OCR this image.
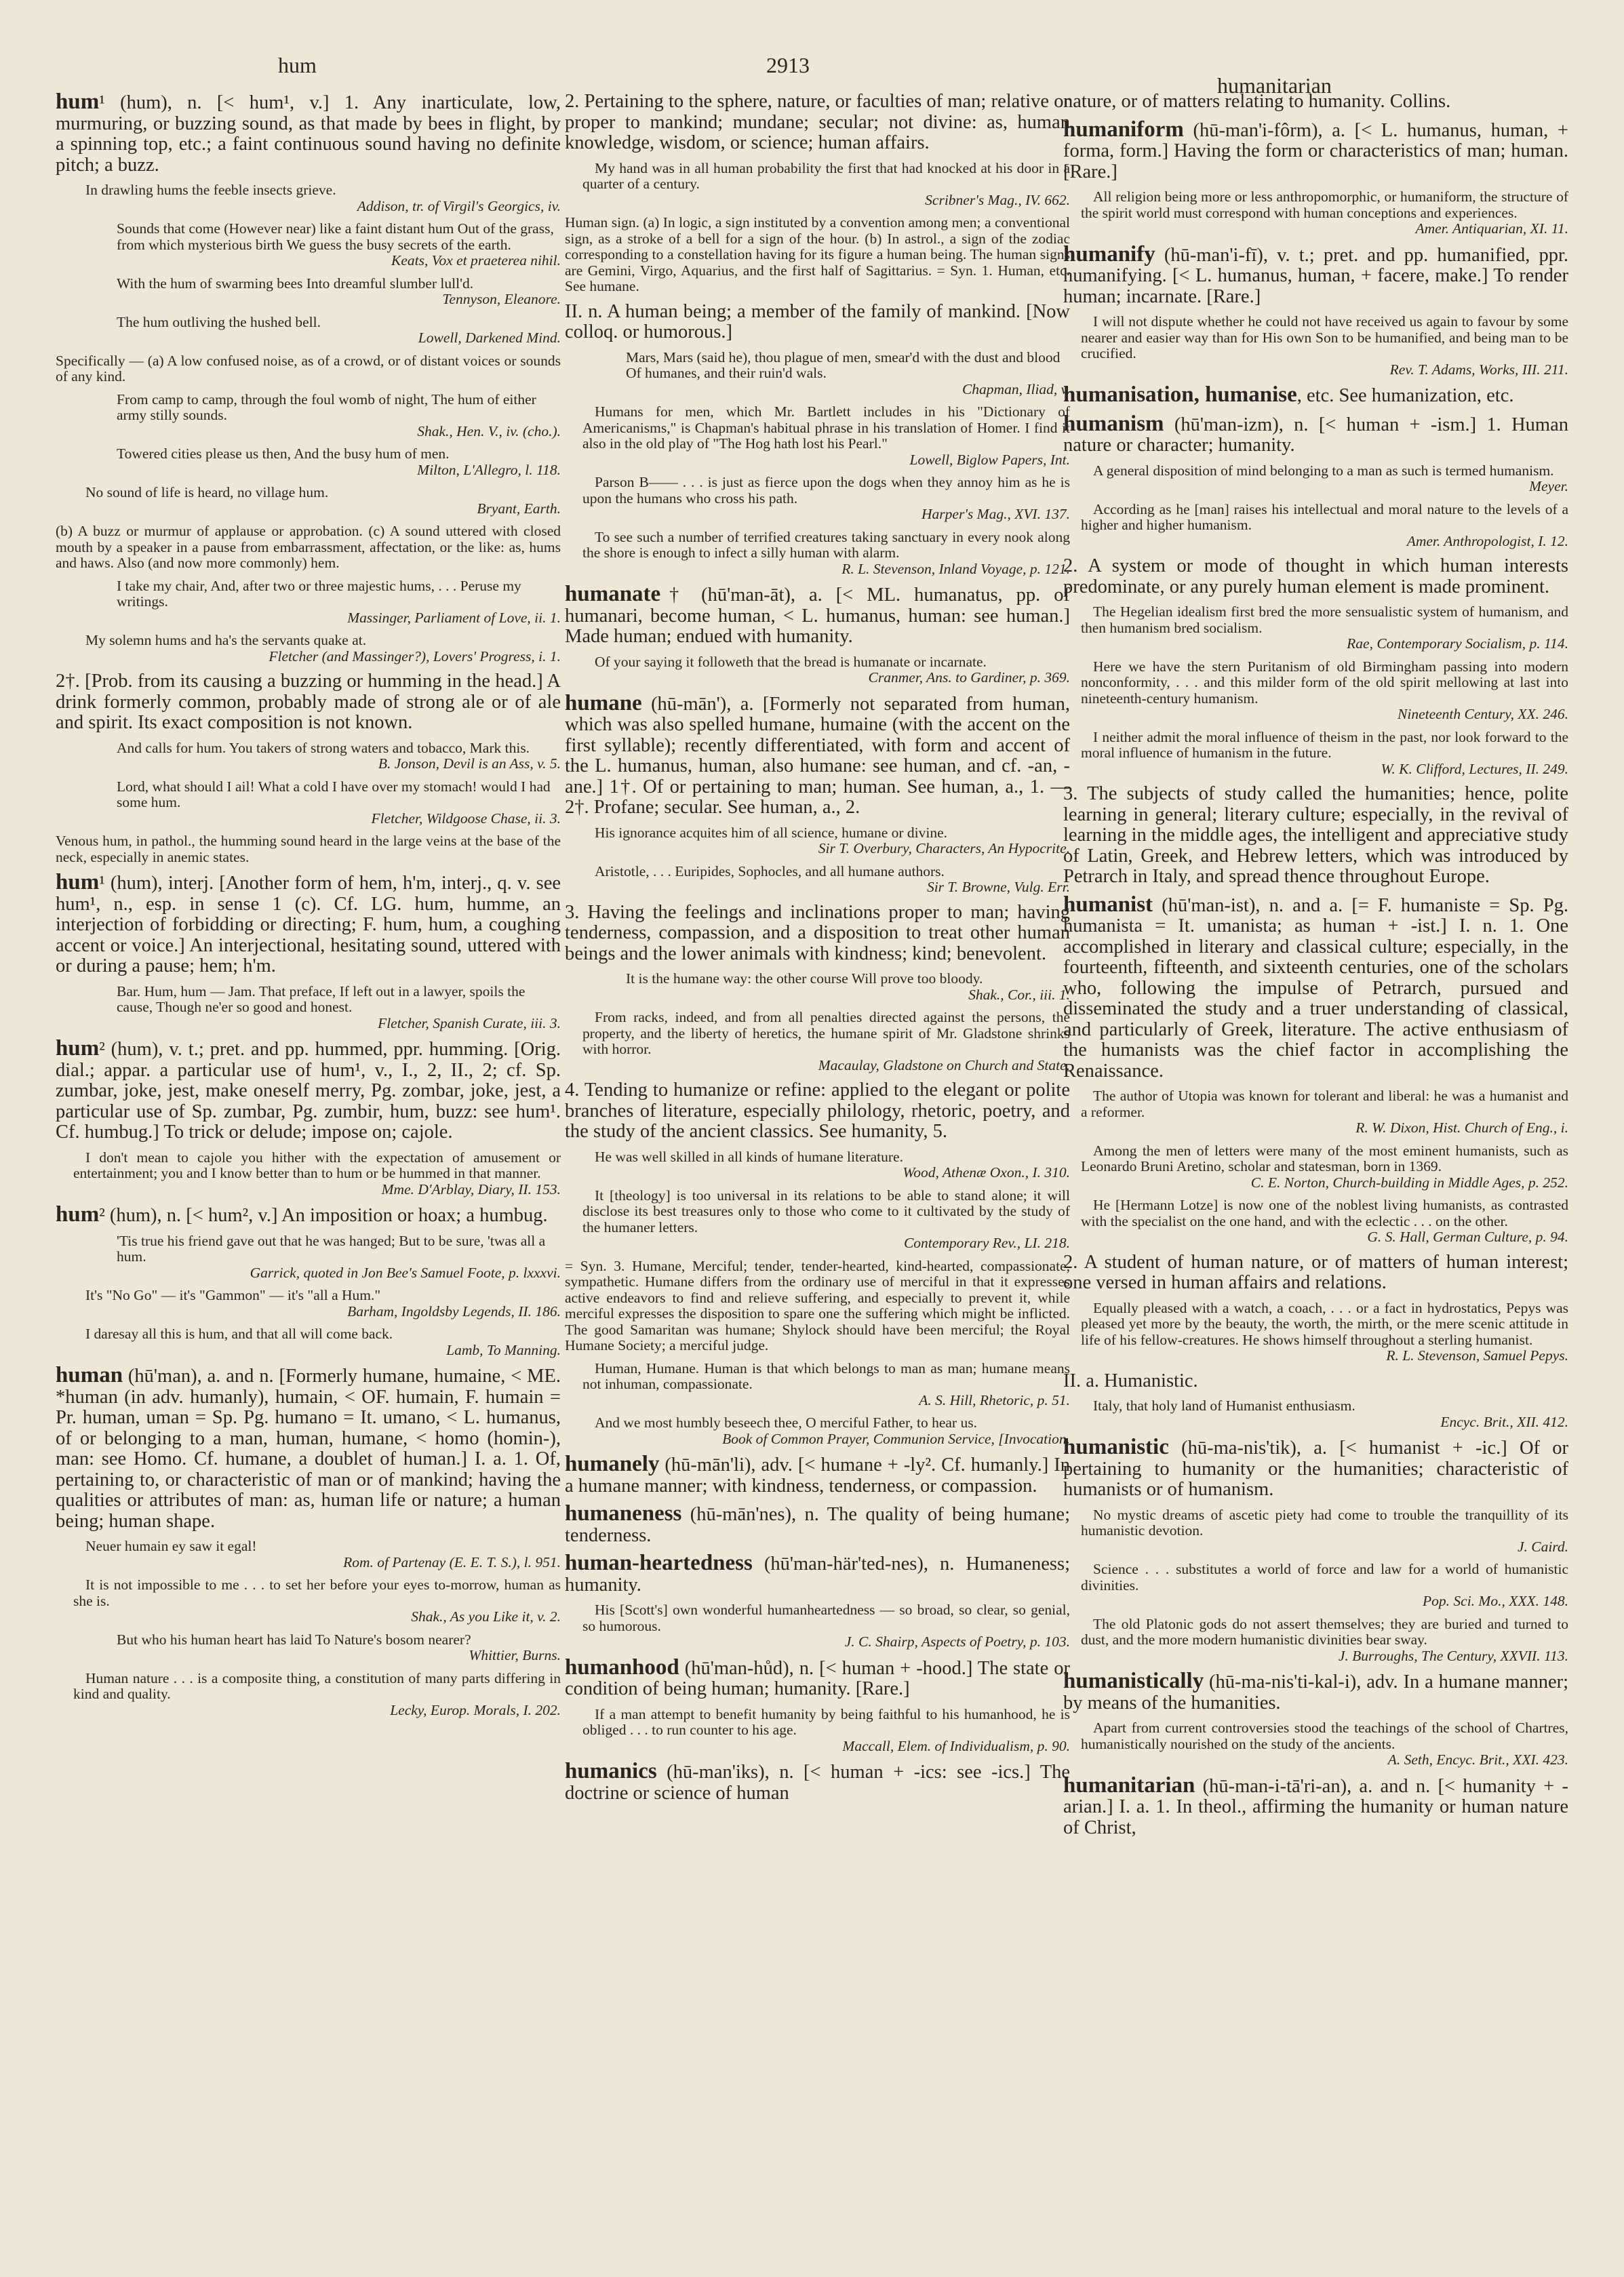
hum	2913
humanitarian

hum¹ (hum), n. [< hum¹, v.] 1. Any inarticulate, low, murmuring, or buzzing sound, as that made by bees in flight, by a spinning top, etc.; a faint continuous sound having no definite pitch; a buzz.

In drawling hums the feeble insects grieve.
Addison, tr. of Virgil's Georgics, iv.

Sounds that come (However near) like a faint distant hum Out of the grass, from which mysterious birth We guess the busy secrets of the earth.
Keats, Vox et praeterea nihil.

With the hum of swarming bees Into dreamful slumber lull'd.
Tennyson, Eleanore.

The hum outliving the hushed bell.
Lowell, Darkened Mind.

Specifically — (a) A low confused noise, as of a crowd, or of distant voices or sounds of any kind.

From camp to camp, through the foul womb of night, The hum of either army stilly sounds.
Shak., Hen. V., iv. (cho.).

Towered cities please us then, And the busy hum of men.
Milton, L'Allegro, l. 118.

No sound of life is heard, no village hum.
Bryant, Earth.

(b) A buzz or murmur of applause or approbation. (c) A sound uttered with closed mouth by a speaker in a pause from embarrassment, affectation, or the like: as, hums and haws. Also (and now more commonly) hem.

I take my chair, And, after two or three majestic hums, . . . Peruse my writings.
Massinger, Parliament of Love, ii. 1.

My solemn hums and ha's the servants quake at.
Fletcher (and Massinger?), Lovers' Progress, i. 1.

2†. [Prob. from its causing a buzzing or humming in the head.] A drink formerly common, probably made of strong ale or of ale and spirit. Its exact composition is not known.

And calls for hum. You takers of strong waters and tobacco, Mark this.
B. Jonson, Devil is an Ass, v. 5.

Lord, what should I ail! What a cold I have over my stomach! would I had some hum.
Fletcher, Wildgoose Chase, ii. 3.

Venous hum, in pathol., the humming sound heard in the large veins at the base of the neck, especially in anemic states.

hum¹ (hum), interj. [Another form of hem, h'm, interj., q. v. see hum¹, n., esp. in sense 1 (c). Cf. LG. hum, humme, an interjection of forbidding or directing; F. hum, hum, a coughing accent or voice.] An interjectional, hesitating sound, uttered with or during a pause; hem; h'm.

Bar. Hum, hum — Jam. That preface, If left out in a lawyer, spoils the cause, Though ne'er so good and honest.
Fletcher, Spanish Curate, iii. 3.

hum² (hum), v. t.; pret. and pp. hummed, ppr. humming. [Orig. dial.; appar. a particular use of hum¹, v., I., 2, II., 2; cf. Sp. zumbar, joke, jest, make oneself merry, Pg. zombar, joke, jest, a particular use of Sp. zumbar, Pg. zumbir, hum, buzz: see hum¹. Cf. humbug.] To trick or delude; impose on; cajole.

I don't mean to cajole you hither with the expectation of amusement or entertainment; you and I know better than to hum or be hummed in that manner.
Mme. D'Arblay, Diary, II. 153.

hum² (hum), n. [< hum², v.] An imposition or hoax; a humbug.

'Tis true his friend gave out that he was hanged; But to be sure, 'twas all a hum.
Garrick, quoted in Jon Bee's Samuel Foote, p. lxxxvi.

It's "No Go" — it's "Gammon" — it's "all a Hum."
Barham, Ingoldsby Legends, II. 186.

I daresay all this is hum, and that all will come back.
Lamb, To Manning.

human (hū'man), a. and n. [Formerly humane, humaine, < ME. *human (in adv. humanly), humain, < OF. humain, F. humain = Pr. human, uman = Sp. Pg. humano = It. umano, < L. humanus, of or belonging to a man, human, humane, < homo (homin-), man: see Homo. Cf. humane, a doublet of human.] I. a. 1. Of, pertaining to, or characteristic of man or of mankind; having the qualities or attributes of man: as, human life or nature; a human being; human shape.

Neuer humain ey saw it egal!
Rom. of Partenay (E. E. T. S.), l. 951.

It is not impossible to me . . . to set her before your eyes to-morrow, human as she is.
Shak., As you Like it, v. 2.

But who his human heart has laid To Nature's bosom nearer?
Whittier, Burns.

Human nature . . . is a composite thing, a constitution of many parts differing in kind and quality.
Lecky, Europ. Morals, I. 202.

2. Pertaining to the sphere, nature, or faculties of man; relative or proper to mankind; mundane; secular; not divine: as, human knowledge, wisdom, or science; human affairs.

My hand was in all human probability the first that had knocked at his door in a quarter of a century.
Scribner's Mag., IV. 662.

Human sign. (a) In logic, a sign instituted by a convention among men; a conventional sign, as a stroke of a bell for a sign of the hour. (b) In astrol., a sign of the zodiac corresponding to a constellation having for its figure a human being. The human signs are Gemini, Virgo, Aquarius, and the first half of Sagittarius. = Syn. 1. Human, etc. See humane.

II. n. A human being; a member of the family of mankind. [Now colloq. or humorous.]

Mars, Mars (said he), thou plague of men, smear'd with the dust and blood Of humanes, and their ruin'd wals.
Chapman, Iliad, v.

Humans for men, which Mr. Bartlett includes in his "Dictionary of Americanisms," is Chapman's habitual phrase in his translation of Homer. I find it also in the old play of "The Hog hath lost his Pearl."
Lowell, Biglow Papers, Int.

Parson B—— . . . is just as fierce upon the dogs when they annoy him as he is upon the humans who cross his path.
Harper's Mag., XVI. 137.

To see such a number of terrified creatures taking sanctuary in every nook along the shore is enough to infect a silly human with alarm.
R. L. Stevenson, Inland Voyage, p. 121.

humanate† (hū'man-āt), a. [< ML. humanatus, pp. of humanari, become human, < L. humanus, human: see human.] Made human; endued with humanity.

Of your saying it followeth that the bread is humanate or incarnate.
Cranmer, Ans. to Gardiner, p. 369.

humane (hū-mān'), a. [Formerly not separated from human, which was also spelled humane, humaine (with the accent on the first syllable); recently differentiated, with form and accent of the L. humanus, human, also humane: see human, and cf. -an, -ane.] 1†. Of or pertaining to man; human. See human, a., 1. — 2†. Profane; secular. See human, a., 2.

His ignorance acquites him of all science, humane or divine.
Sir T. Overbury, Characters, An Hypocrite.

Aristotle, . . . Euripides, Sophocles, and all humane authors.
Sir T. Browne, Vulg. Err.

3. Having the feelings and inclinations proper to man; having tenderness, compassion, and a disposition to treat other human beings and the lower animals with kindness; kind; benevolent.

It is the humane way: the other course Will prove too bloody.
Shak., Cor., iii. 1.

From racks, indeed, and from all penalties directed against the persons, the property, and the liberty of heretics, the humane spirit of Mr. Gladstone shrinks with horror.
Macaulay, Gladstone on Church and State.

4. Tending to humanize or refine: applied to the elegant or polite branches of literature, especially philology, rhetoric, poetry, and the study of the ancient classics. See humanity, 5.

He was well skilled in all kinds of humane literature.
Wood, Athenæ Oxon., I. 310.

It [theology] is too universal in its relations to be able to stand alone; it will disclose its best treasures only to those who come to it cultivated by the study of the humaner letters.
Contemporary Rev., LI. 218.

= Syn. 3. Humane, Merciful; tender, tender-hearted, kind-hearted, compassionate, sympathetic. Humane differs from the ordinary use of merciful in that it expresses active endeavors to find and relieve suffering, and especially to prevent it, while merciful expresses the disposition to spare one the suffering which might be inflicted. The good Samaritan was humane; Shylock should have been merciful; the Royal Humane Society; a merciful judge.

Human, Humane. Human is that which belongs to man as man; humane means not inhuman, compassionate.
A. S. Hill, Rhetoric, p. 51.

And we most humbly beseech thee, O merciful Father, to hear us.
Book of Common Prayer, Communion Service, [Invocation.

humanely (hū-mān'li), adv. [< humane + -ly². Cf. humanly.] In a humane manner; with kindness, tenderness, or compassion.

humaneness (hū-mān'nes), n. The quality of being humane; tenderness.

human-heartedness (hū'man-här'ted-nes), n. Humaneness; humanity.

His [Scott's] own wonderful humanheartedness — so broad, so clear, so genial, so humorous.
J. C. Shairp, Aspects of Poetry, p. 103.

humanhood (hū'man-hůd), n. [< human + -hood.] The state or condition of being human; humanity. [Rare.]

If a man attempt to benefit humanity by being faithful to his humanhood, he is obliged . . . to run counter to his age.
Maccall, Elem. of Individualism, p. 90.

humanics (hū-man'iks), n. [< human + -ics: see -ics.] The doctrine or science of human

nature, or of matters relating to humanity. Collins.

humaniform (hū-man'i-fôrm), a. [< L. humanus, human, + forma, form.] Having the form or characteristics of man; human. [Rare.]

All religion being more or less anthropomorphic, or humaniform, the structure of the spirit world must correspond with human conceptions and experiences.
Amer. Antiquarian, XI. 11.

humanify (hū-man'i-fī), v. t.; pret. and pp. humanified, ppr. humanifying. [< L. humanus, human, + facere, make.] To render human; incarnate. [Rare.]

I will not dispute whether he could not have received us again to favour by some nearer and easier way than for His own Son to be humanified, and being man to be crucified.
Rev. T. Adams, Works, III. 211.

humanisation, humanise, etc. See humanization, etc.

humanism (hū'man-izm), n. [< human + -ism.] 1. Human nature or character; humanity.

A general disposition of mind belonging to a man as such is termed humanism.
Meyer.

According as he [man] raises his intellectual and moral nature to the levels of a higher and higher humanism.
Amer. Anthropologist, I. 12.

2. A system or mode of thought in which human interests predominate, or any purely human element is made prominent.

The Hegelian idealism first bred the more sensualistic system of humanism, and then humanism bred socialism.
Rae, Contemporary Socialism, p. 114.

Here we have the stern Puritanism of old Birmingham passing into modern nonconformity, . . . and this milder form of the old spirit mellowing at last into nineteenth-century humanism.
Nineteenth Century, XX. 246.

I neither admit the moral influence of theism in the past, nor look forward to the moral influence of humanism in the future.
W. K. Clifford, Lectures, II. 249.

3. The subjects of study called the humanities; hence, polite learning in general; literary culture; especially, in the revival of learning in the middle ages, the intelligent and appreciative study of Latin, Greek, and Hebrew letters, which was introduced by Petrarch in Italy, and spread thence throughout Europe.

humanist (hū'man-ist), n. and a. [= F. humaniste = Sp. Pg. humanista = It. umanista; as human + -ist.] I. n. 1. One accomplished in literary and classical culture; especially, in the fourteenth, fifteenth, and sixteenth centuries, one of the scholars who, following the impulse of Petrarch, pursued and disseminated the study and a truer understanding of classical, and particularly of Greek, literature. The active enthusiasm of the humanists was the chief factor in accomplishing the Renaissance.

The author of Utopia was known for tolerant and liberal: he was a humanist and a reformer.
R. W. Dixon, Hist. Church of Eng., i.

Among the men of letters were many of the most eminent humanists, such as Leonardo Bruni Aretino, scholar and statesman, born in 1369.
C. E. Norton, Church-building in Middle Ages, p. 252.

He [Hermann Lotze] is now one of the noblest living humanists, as contrasted with the specialist on the one hand, and with the eclectic . . . on the other.
G. S. Hall, German Culture, p. 94.

2. A student of human nature, or of matters of human interest; one versed in human affairs and relations.

Equally pleased with a watch, a coach, . . . or a fact in hydrostatics, Pepys was pleased yet more by the beauty, the worth, the mirth, or the mere scenic attitude in life of his fellow-creatures. He shows himself throughout a sterling humanist.
R. L. Stevenson, Samuel Pepys.

II. a. Humanistic.

Italy, that holy land of Humanist enthusiasm.
Encyc. Brit., XII. 412.

humanistic (hū-ma-nis'tik), a. [< humanist + -ic.] Of or pertaining to humanity or the humanities; characteristic of humanists or of humanism.

No mystic dreams of ascetic piety had come to trouble the tranquillity of its humanistic devotion.
J. Caird.

Science . . . substitutes a world of force and law for a world of humanistic divinities.
Pop. Sci. Mo., XXX. 148.

The old Platonic gods do not assert themselves; they are buried and turned to dust, and the more modern humanistic divinities bear sway.
J. Burroughs, The Century, XXVII. 113.

humanistically (hū-ma-nis'ti-kal-i), adv. In a humane manner; by means of the humanities.

Apart from current controversies stood the teachings of the school of Chartres, humanistically nourished on the study of the ancients.
A. Seth, Encyc. Brit., XXI. 423.

humanitarian (hū-man-i-tā'ri-an), a. and n. [< humanity + -arian.] I. a. 1. In theol., affirming the humanity or human nature of Christ,
